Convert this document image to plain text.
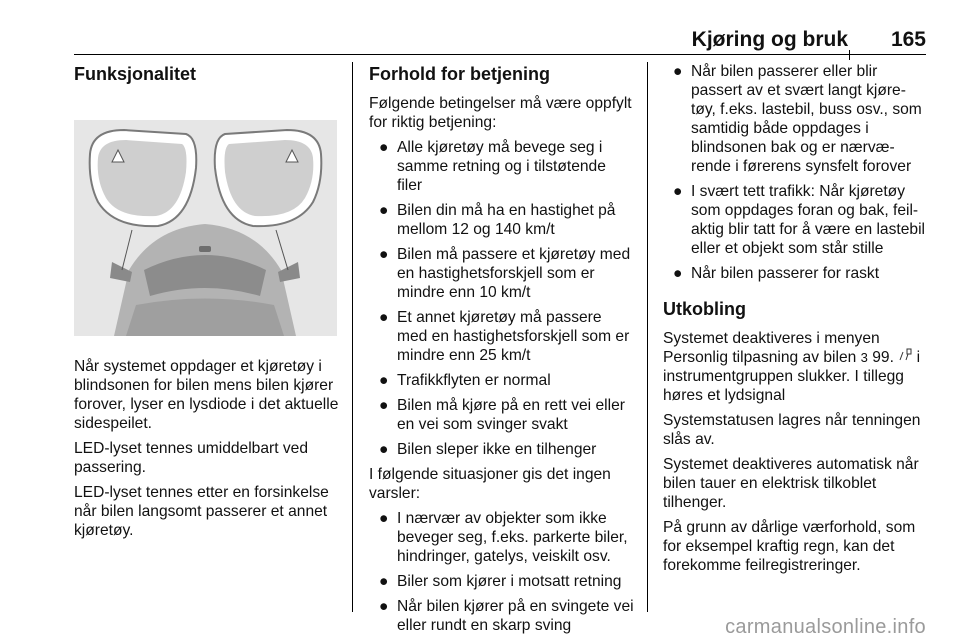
Kjøring og bruk 165
Funksjonalitet

Når systemet oppdager et kjøretøy i blindsonen for bilen mens bilen kjører forover, lyser en lysdiode i det aktuelle sidespeilet.

LED-lyset tennes umiddelbart ved passering.

LED-lyset tennes etter en forsinkelse når bilen langsomt passerer et annet kjøretøy.

Forhold for betjening

Følgende betingelser må være oppfylt for riktig betjening:

● Alle kjøretøy må bevege seg i samme retning og i tilstøtende filer
● Bilen din må ha en hastighet på mellom 12 og 140 km/t
● Bilen må passere et kjøretøy med en hastighetsforskjell som er mindre enn 10 km/t
● Et annet kjøretøy må passere med en hastighetsforskjell som er mindre enn 25 km/t
● Trafikkflyten er normal
● Bilen må kjøre på en rett vei eller en vei som svinger svakt
● Bilen sleper ikke en tilhenger

I følgende situasjoner gis det ingen varsler:

● I nærvær av objekter som ikke beveger seg, f.eks. parkerte biler, hindringer, gatelys, veiskilt osv.
● Biler som kjører i motsatt retning
● Når bilen kjører på en svingete vei eller rundt en skarp sving
● Når bilen passerer eller blir passert av et svært langt kjøre-tøy, f.eks. lastebil, buss osv., som samtidig både oppdages i blindsonen bak og er nærvæ-rende i førerens synsfelt forover
● I svært tett trafikk: Når kjøretøy som oppdages foran og bak, feil-aktig blir tatt for å være en lastebil eller et objekt som står stille
● Når bilen passerer for raskt
Utkobling

Systemet deaktiveres i menyen Personlig tilpasning av bilen 3 99. i instrumentgruppen slukker. I tillegg høres et lydsignal

Systemstatusen lagres når tenningen slås av.

Systemet deaktiveres automatisk når bilen tauer en elektrisk tilkoblet tilhenger.

På grunn av dårlige værforhold, som for eksempel kraftig regn, kan det forekomme feilregistreringer.

carmanualsonline.info
